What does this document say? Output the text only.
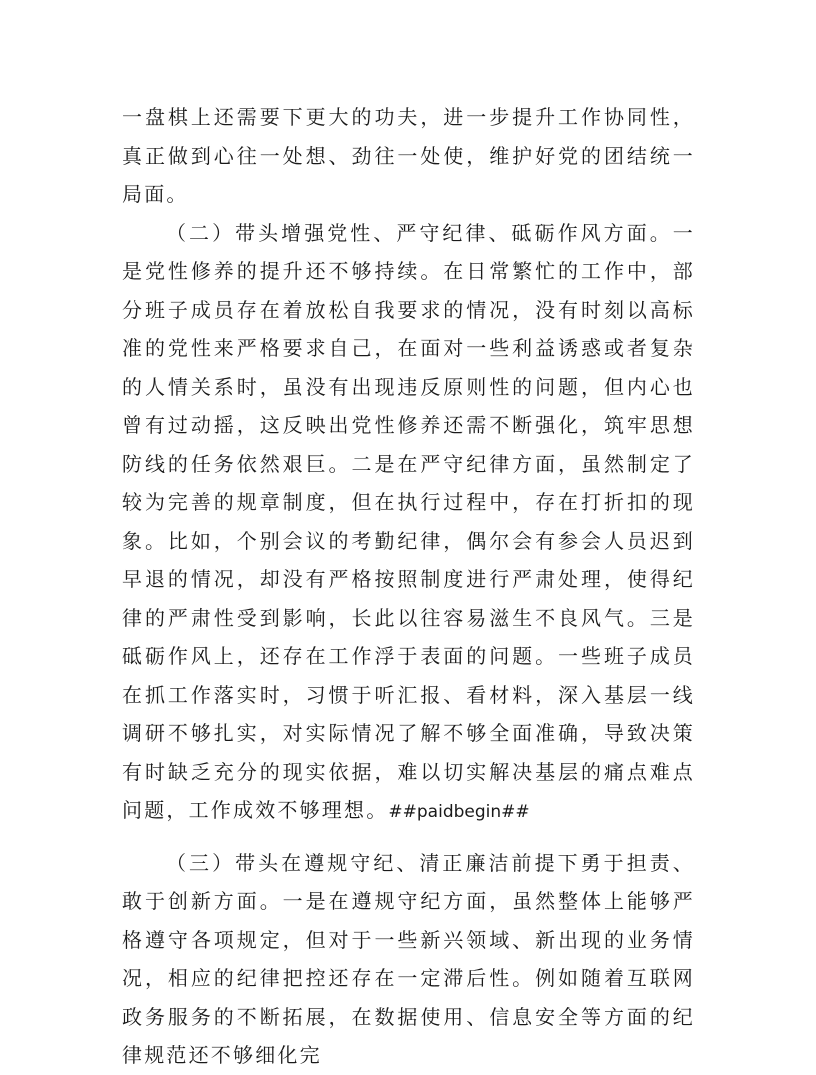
一盘棋上还需要下更大的功夫，进一步提升工作协同性，真正做到心往一处想、劲往一处使，维护好党的团结统一局面。

（二）带头增强党性、严守纪律、砥砺作风方面。一是党性修养的提升还不够持续。在日常繁忙的工作中，部分班子成员存在着放松自我要求的情况，没有时刻以高标准的党性来严格要求自己，在面对一些利益诱惑或者复杂的人情关系时，虽没有出现违反原则性的问题，但内心也曾有过动摇，这反映出党性修养还需不断强化，筑牢思想防线的任务依然艰巨。二是在严守纪律方面，虽然制定了较为完善的规章制度，但在执行过程中，存在打折扣的现象。比如，个别会议的考勤纪律，偶尔会有参会人员迟到早退的情况，却没有严格按照制度进行严肃处理，使得纪律的严肃性受到影响，长此以往容易滋生不良风气。三是砥砺作风上，还存在工作浮于表面的问题。一些班子成员在抓工作落实时，习惯于听汇报、看材料，深入基层一线调研不够扎实，对实际情况了解不够全面准确，导致决策有时缺乏充分的现实依据，难以切实解决基层的痛点难点问题，工作成效不够理想。##paidbegin##

（三）带头在遵规守纪、清正廉洁前提下勇于担责、敢于创新方面。一是在遵规守纪方面，虽然整体上能够严格遵守各项规定，但对于一些新兴领域、新出现的业务情况，相应的纪律把控还存在一定滞后性。例如随着互联网政务服务的不断拓展，在数据使用、信息安全等方面的纪律规范还不够细化完
